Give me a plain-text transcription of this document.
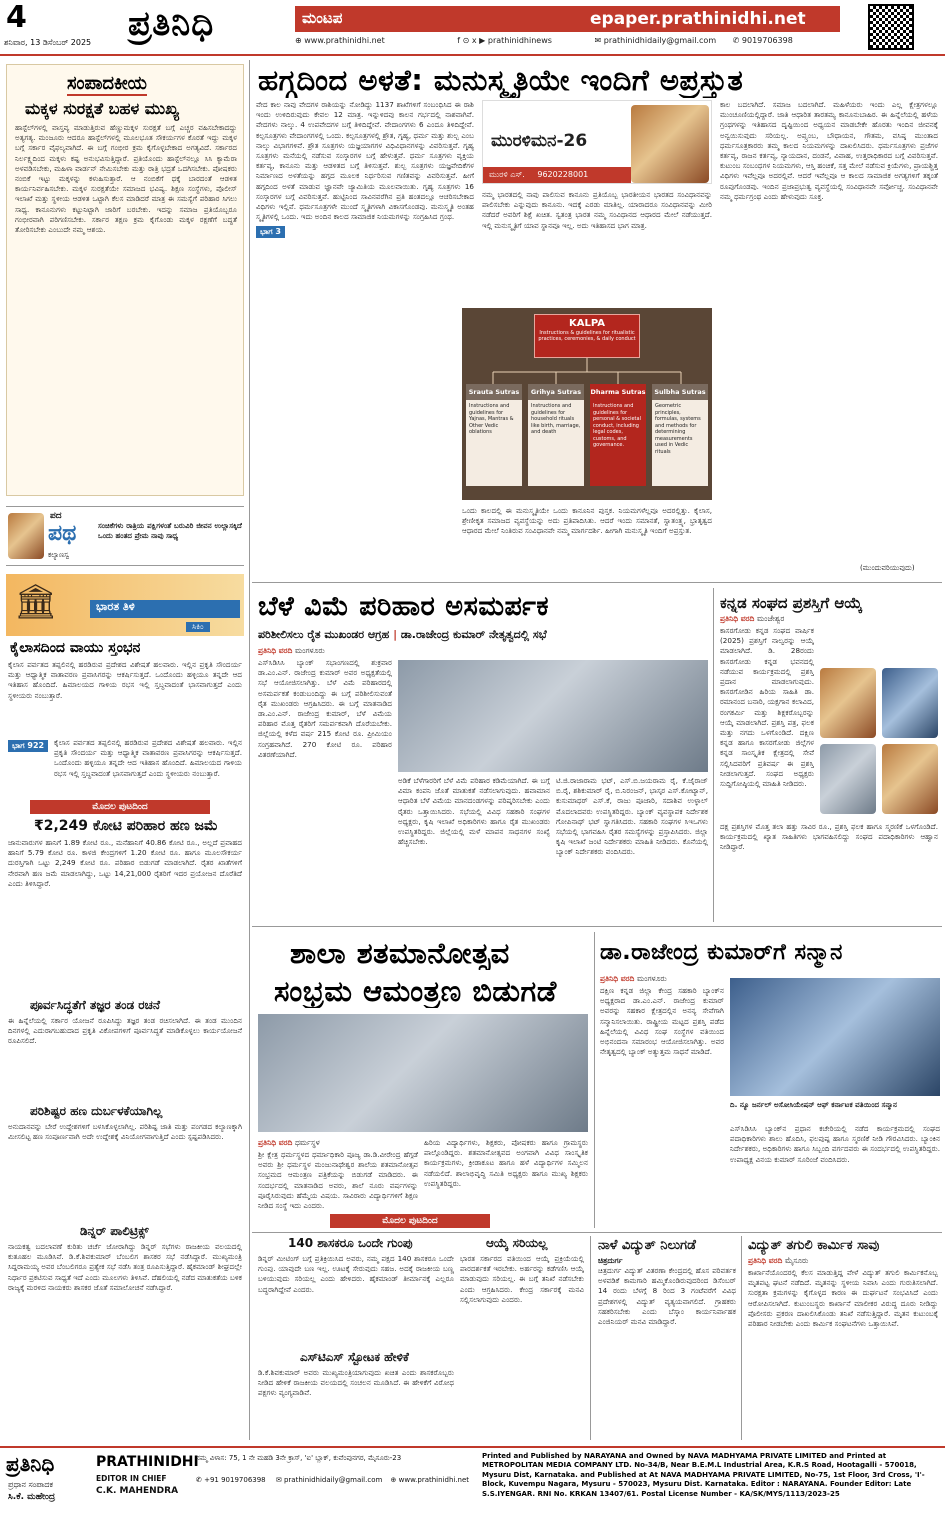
4
ಶನಿವಾರ, 13 ಡಿಸೆಂಬರ್ 2025 ಪ್ರತಿನಿಧಿ	ಮಂಟಪ	epaper.prathinidhi.net
⊕ www.prathinidhi.net	f ⊙ x ▶ prathinidhinews	✉ prathinidhidaily@gmail.com ✆ 9019706398
ಸಂಪಾದಕೀಯ
ಮಕ್ಕಳ ಸುರಕ್ಷತೆ ಬಹಳ ಮುಖ್ಯ
ಹಾಸ್ಟೆಲ್‌ಗಳಲ್ಲಿ ವಾಸ್ತವ್ಯ ಮಾಡುತ್ತಿರುವ ಹೆಣ್ಣುಮಕ್ಕಳ ಸುರಕ್ಷತೆ ಬಗ್ಗೆ ಎಚ್ಚರ ವಹಿಸಬೇಕಾದದ್ದು ಅತ್ಯಗತ್ಯ. ಮಂಜೂರು ಆದರೂ ಹಾಸ್ಟೆಲ್‌ಗಳಲ್ಲಿ ಮೂಲಭೂತ ಸೌಕರ್ಯಗಳ ಕೊರತೆ ಇದ್ದು ಮಕ್ಕಳ ಬಗ್ಗೆ ಸರ್ಕಾರ ವೈಫಲ್ಯವಾಗಿದೆ. ಈ ಬಗ್ಗೆ ಗಂಭೀರ ಕ್ರಮ ಕೈಗೊಳ್ಳಬೇಕಾದ ಅಗತ್ಯವಿದೆ. ಸರ್ಕಾರದ ನಿರ್ಲಕ್ಷ್ಯದಿಂದ ಮಕ್ಕಳು ಕಷ್ಟ ಅನುಭವಿಸುತ್ತಿದ್ದಾರೆ. ಪ್ರತಿಯೊಂದು ಹಾಸ್ಟೆಲ್‌ನಲ್ಲೂ ಸಿಸಿ ಕ್ಯಾಮೆರಾ ಅಳವಡಿಸಬೇಕು, ಮಹಿಳಾ ವಾರ್ಡನ್ ನೇಮಿಸಬೇಕು ಮತ್ತು ರಾತ್ರಿ ಭದ್ರತೆ ಒದಗಿಸಬೇಕು. ಪೋಷಕರು ನಂಬಿಕೆ ಇಟ್ಟು ಮಕ್ಕಳನ್ನು ಕಳುಹಿಸುತ್ತಾರೆ. ಆ ನಂಬಿಕೆಗೆ ಧಕ್ಕೆ ಬಾರದಂತೆ ಆಡಳಿತ ಕಾರ್ಯನಿರ್ವಹಿಸಬೇಕು. ಮಕ್ಕಳ ಸುರಕ್ಷತೆಯೇ ಸಮಾಜದ ಭವಿಷ್ಯ. ಶಿಕ್ಷಣ ಸಂಸ್ಥೆಗಳು, ಪೊಲೀಸ್ ಇಲಾಖೆ ಮತ್ತು ಸ್ಥಳೀಯ ಆಡಳಿತ ಒಟ್ಟಾಗಿ ಕೆಲಸ ಮಾಡಿದರೆ ಮಾತ್ರ ಈ ಸಮಸ್ಯೆಗೆ ಪರಿಹಾರ ಸಿಗಲು ಸಾಧ್ಯ. ಕಾನೂನುಗಳು ಕಟ್ಟುನಿಟ್ಟಾಗಿ ಜಾರಿಗೆ ಬರಬೇಕು. ಇದನ್ನು ಸಮಾಜ ಪ್ರತಿಯೊಬ್ಬರೂ ಗಂಭೀರವಾಗಿ ಪರಿಗಣಿಸಬೇಕು. ಸರ್ಕಾರ ತಕ್ಷಣ ಕ್ರಮ ಕೈಗೊಂಡು ಮಕ್ಕಳ ರಕ್ಷಣೆಗೆ ಬದ್ಧತೆ ತೋರಿಸಬೇಕು ಎಂಬುದೇ ನಮ್ಮ ಆಶಯ.
ಪದ
ಪಥ
ಕಲ್ಯಾಣಸ್ವ
ಸಂಚಿಕೆಗಳು ರಾತ್ರಿಯ ಪಕ್ಷಿಗಳಂತೆ ಬರುವಿರಿ ಜೀವನ ಉಲ್ಲಾಸಕ್ಕಿದೆ ಒಂದು ಹಂತದ ಪ್ರೇಮ ನಾವು ಸಾಧ್ಯ
🏛	ಭಾರತ ತಿಳಿ
ಸಿಕಿಂ
ಕೈಲಾಸದಿಂದ ವಾಯು ಸ್ತಂಭನ
ಕೈಲಾಸ ಪರ್ವತದ ತಪ್ಪಲಿನಲ್ಲಿ ಹರಡಿರುವ ಪ್ರದೇಶದ ವಿಶೇಷತೆ ಹಲವಾರು. ಇಲ್ಲಿನ ಪ್ರಕೃತಿ ಸೌಂದರ್ಯ ಮತ್ತು ಆಧ್ಯಾತ್ಮಿಕ ವಾತಾವರಣ ಪ್ರವಾಸಿಗರನ್ನು ಆಕರ್ಷಿಸುತ್ತದೆ. ಒಂದೊಂದು ಹಳ್ಳಿಯೂ ತನ್ನದೇ ಆದ ಇತಿಹಾಸ ಹೊಂದಿದೆ. ಹಿಮಾಲಯದ ಗಾಳಿಯ ರಭಸ ಇಲ್ಲಿ ಸ್ತಬ್ಧವಾದಂತೆ ಭಾಸವಾಗುತ್ತದೆ ಎಂದು ಸ್ಥಳೀಯರು ನಂಬುತ್ತಾರೆ.
ಭಾಗ 922	ಕೈಲಾಸ ಪರ್ವತದ ತಪ್ಪಲಿನಲ್ಲಿ ಹರಡಿರುವ ಪ್ರದೇಶದ ವಿಶೇಷತೆ ಹಲವಾರು. ಇಲ್ಲಿನ ಪ್ರಕೃತಿ ಸೌಂದರ್ಯ ಮತ್ತು ಆಧ್ಯಾತ್ಮಿಕ ವಾತಾವರಣ ಪ್ರವಾಸಿಗರನ್ನು ಆಕರ್ಷಿಸುತ್ತದೆ. ಒಂದೊಂದು ಹಳ್ಳಿಯೂ ತನ್ನದೇ ಆದ ಇತಿಹಾಸ ಹೊಂದಿದೆ. ಹಿಮಾಲಯದ ಗಾಳಿಯ ರಭಸ ಇಲ್ಲಿ ಸ್ತಬ್ಧವಾದಂತೆ ಭಾಸವಾಗುತ್ತದೆ ಎಂದು ಸ್ಥಳೀಯರು ನಂಬುತ್ತಾರೆ.
ಮೊದಲ ಪುಟದಿಂದ
₹2,249 ಕೋಟಿ ಪರಿಹಾರ ಹಣ ಜಮೆ
ಜಾನುವಾರುಗಳ ಹಾನಿಗೆ 1.89 ಕೋಟಿ ರೂ., ಮನೆಹಾನಿಗೆ 40.86 ಕೋಟಿ ರೂ., ಅಲ್ಲದೆ ಪ್ರವಾಹದ ಹಾನಿಗೆ 5.79 ಕೋಟಿ ರೂ. ಕಾಳಜಿ ಕೇಂದ್ರಗಳಿಗೆ 1.20 ಕೋಟಿ ರೂ. ಹಾಗೂ ಮೂಲಸೌಕರ್ಯ ದುರಸ್ತಿಗಾಗಿ ಒಟ್ಟು 2,249 ಕೋಟಿ ರೂ. ಪರಿಹಾರ ಬಿಡುಗಡೆ ಮಾಡಲಾಗಿದೆ. ರೈತರ ಖಾತೆಗಳಿಗೆ ನೇರವಾಗಿ ಹಣ ಜಮೆ ಮಾಡಲಾಗಿದ್ದು, ಒಟ್ಟು 14,21,000 ರೈತರಿಗೆ ಇದರ ಪ್ರಯೋಜನ ದೊರೆತಿದೆ ಎಂದು ತಿಳಿಸಿದ್ದಾರೆ.
ಪೂರ್ವಸಿದ್ಧತೆಗೆ ತಜ್ಞರ ತಂಡ ರಚನೆ
ಈ ಹಿನ್ನೆಲೆಯಲ್ಲಿ ಸರ್ಕಾರ ಯೋಜನೆ ರೂಪಿಸಿದ್ದು ತಜ್ಞರ ತಂಡ ರಚಿಸಲಾಗಿದೆ. ಈ ತಂಡ ಮುಂದಿನ ದಿನಗಳಲ್ಲಿ ಎದುರಾಗಬಹುದಾದ ಪ್ರಕೃತಿ ವಿಕೋಪಗಳಿಗೆ ಪೂರ್ವಸಿದ್ಧತೆ ಮಾಡಿಕೊಳ್ಳಲು ಕಾರ್ಯಯೋಜನೆ ರೂಪಿಸಲಿದೆ.
ಪರಿಶಿಷ್ಟರ ಹಣ ದುರ್ಬಳಕೆಯಾಗಿಲ್ಲ
ಅನುದಾನವನ್ನು ಬೇರೆ ಉದ್ದೇಶಗಳಿಗೆ ಬಳಸಿಕೊಳ್ಳಲಾಗಿಲ್ಲ. ಪರಿಶಿಷ್ಟ ಜಾತಿ ಮತ್ತು ಪಂಗಡದ ಕಲ್ಯಾಣಕ್ಕಾಗಿ ಮೀಸಲಿಟ್ಟ ಹಣ ಸಂಪೂರ್ಣವಾಗಿ ಅದೇ ಉದ್ದೇಶಕ್ಕೆ ವಿನಿಯೋಗವಾಗುತ್ತಿದೆ ಎಂದು ಸ್ಪಷ್ಟಪಡಿಸಿದರು.
ಡಿನ್ನರ್ ಪಾಲಿಟ್ರಿಕ್ಸ್
ನಾಯಕತ್ವ ಬದಲಾವಣೆ ಕುರಿತು ಚರ್ಚೆ ಜೋರಾಗಿದ್ದು ಡಿನ್ನರ್ ಸಭೆಗಳು ರಾಜಕೀಯ ವಲಯದಲ್ಲಿ ಕುತೂಹಲ ಮೂಡಿಸಿವೆ. ಡಿ.ಕೆ.ಶಿವಕುಮಾರ್ ಬೆಂಬಲಿಗ ಶಾಸಕರ ಸಭೆ ನಡೆಸಿದ್ದಾರೆ. ಮುಖ್ಯಮಂತ್ರಿ ಸಿದ್ದರಾಮಯ್ಯ ಅವರ ಬೆಂಬಲಿಗರೂ ಪ್ರತ್ಯೇಕ ಸಭೆ ನಡೆಸಿ ತಂತ್ರ ರೂಪಿಸುತ್ತಿದ್ದಾರೆ. ಹೈಕಮಾಂಡ್ ಶೀಘ್ರದಲ್ಲೇ ನಿರ್ಧಾರ ಪ್ರಕಟಿಸುವ ಸಾಧ್ಯತೆ ಇದೆ ಎಂದು ಮೂಲಗಳು ತಿಳಿಸಿವೆ. ದೆಹಲಿಯಲ್ಲಿ ನಡೆದ ಮಾತುಕತೆಯ ಬಳಿಕ ರಾಜ್ಯಕ್ಕೆ ಮರಳಿದ ನಾಯಕರು ಶಾಸಕರ ಜೊತೆ ಸಮಾಲೋಚನೆ ನಡೆಸಿದ್ದಾರೆ.
ಹಗ್ಗದಿಂದ ಅಳತೆ: ಮನುಸ್ಮೃತಿಯೇ ಇಂದಿಗೆ ಅಪ್ರಸ್ತುತ
ವೇದ ಕಾಲ ನಾವು ವೇದಗಳ ರಾಶಿಯನ್ನು ನೋಡಿದ್ದು 1137 ಶಾಖೆಗಳಿಗೆ ಸಂಬಂಧಿಸಿದ ಈ ರಾಶಿ ಇಂದು ಉಳಿದಿರುವುದು ಕೇವಲ 12 ಮಾತ್ರ. ಇನ್ನುಳಿದವು ಕಾಲನ ಗರ್ಭದಲ್ಲಿ ನಾಶವಾಗಿವೆ. ವೇದಗಳು ನಾಲ್ಕು. 4 ಉಪವೇದಗಳ ಬಗ್ಗೆ ತಿಳಿದಿದ್ದೇವೆ. ವೇದಾಂಗಗಳು 6 ಎಂದೂ ತಿಳಿದಿದ್ದೇವೆ. ಕಲ್ಪಸೂತ್ರಗಳು ವೇದಾಂಗಗಳಲ್ಲಿ ಒಂದು. ಕಲ್ಪಸೂತ್ರಗಳಲ್ಲಿ ಶ್ರೌತ, ಗೃಹ್ಯ, ಧರ್ಮ ಮತ್ತು ಶುಲ್ಬ ಎಂಬ ನಾಲ್ಕು ವಿಭಾಗಗಳಿವೆ. ಶ್ರೌತ ಸೂತ್ರಗಳು ಯಜ್ಞಯಾಗಗಳ ವಿಧಿವಿಧಾನಗಳನ್ನು ವಿವರಿಸುತ್ತವೆ. ಗೃಹ್ಯ ಸೂತ್ರಗಳು ಮನೆಯಲ್ಲಿ ನಡೆಸುವ ಸಂಸ್ಕಾರಗಳ ಬಗ್ಗೆ ಹೇಳುತ್ತವೆ. ಧರ್ಮ ಸೂತ್ರಗಳು ವ್ಯಕ್ತಿಯ ಕರ್ತವ್ಯ, ಕಾನೂನು ಮತ್ತು ಆಡಳಿತದ ಬಗ್ಗೆ ತಿಳಿಸುತ್ತವೆ. ಶುಲ್ಬ ಸೂತ್ರಗಳು ಯಜ್ಞವೇದಿಕೆಗಳ ನಿರ್ಮಾಣದ ಅಳತೆಯನ್ನು ಹಗ್ಗದ ಮೂಲಕ ನಿರ್ಧರಿಸುವ ಗಣಿತವನ್ನು ವಿವರಿಸುತ್ತವೆ. ಹೀಗೆ ಹಗ್ಗದಿಂದ ಅಳತೆ ಮಾಡುವ ಜ್ಞಾನವೇ ಜ್ಯಾಮಿತಿಯ ಮೂಲವಾಯಿತು. ಗೃಹ್ಯ ಸೂತ್ರಗಳು 16 ಸಂಸ್ಕಾರಗಳ ಬಗ್ಗೆ ವಿವರಿಸುತ್ತವೆ. ಹುಟ್ಟಿನಿಂದ ಸಾವಿನವರೆಗಿನ ಪ್ರತಿ ಹಂತದಲ್ಲೂ ಆಚರಿಸಬೇಕಾದ ವಿಧಿಗಳು ಇಲ್ಲಿವೆ. ಧರ್ಮಸೂತ್ರಗಳೇ ಮುಂದೆ ಸ್ಮೃತಿಗಳಾಗಿ ವಿಕಾಸಗೊಂಡವು. ಮನುಸ್ಮೃತಿ ಅಂತಹ ಸ್ಮೃತಿಗಳಲ್ಲಿ ಒಂದು. ಇದು ಅಂದಿನ ಕಾಲದ ಸಾಮಾಜಿಕ ನಿಯಮಗಳನ್ನು ಸಂಗ್ರಹಿಸಿದ ಗ್ರಂಥ.
ಮುರಳಿಮನ-26
ಮುರಳಿ ಎಸ್. 9620228001
ನಮ್ಮ ಭಾರತದಲ್ಲಿ ನಾವು ಪಾಲಿಸುವ ಕಾನೂನು ಪ್ರತಿಯೊಬ್ಬ ಭಾರತೀಯನ ಭಾರತದ ಸಂವಿಧಾನವನ್ನು ಪಾಲಿಸಬೇಕು ಎನ್ನುವುದು ಕಾನೂನು. ಇದಕ್ಕೆ ಎರಡು ಮಾತಿಲ್ಲ. ಯಾರಾದರೂ ಸಂವಿಧಾನವನ್ನು ಮೀರಿ ನಡೆದರೆ ಅವರಿಗೆ ಶಿಕ್ಷೆ ಖಚಿತ. ಸ್ವತಂತ್ರ ಭಾರತ ನಮ್ಮ ಸಂವಿಧಾನದ ಆಧಾರದ ಮೇಲೆ ನಡೆಯುತ್ತದೆ. ಇಲ್ಲಿ ಮನುಸ್ಮೃತಿಗೆ ಯಾವ ಸ್ಥಾನವೂ ಇಲ್ಲ. ಅದು ಇತಿಹಾಸದ ಭಾಗ ಮಾತ್ರ.
KALPA
Instructions & guidelines for ritualistic practices, ceremonies, & daily conduct
Srauta Sutras
Instructions and guidelines for Yajnas, Mantras & Other Vedic oblations
Grihya Sutras
Instructions and guidelines for household rituals like birth, marriage, and death
Dharma Sutras
Instructions and guidelines for personal & societal conduct, including legal codes, customs, and governance.
Sulbha Sutras
Geometric principles, formulas, systems and methods for determining measurements used in Vedic rituals
ಒಂದು ಕಾಲದಲ್ಲಿ ಈ ಮನುಸ್ಮೃತಿಯೇ ಒಂದು ಕಾನೂನಿನ ಪುಸ್ತಕ. ನಿಯಮಗಳೆಲ್ಲವೂ ಅದರಲ್ಲಿತ್ತು. ಕೈಲಾಸ, ಶ್ರೇಣೀಕೃತ ಸಮಾಜದ ವ್ಯವಸ್ಥೆಯನ್ನು ಅದು ಪ್ರತಿಪಾದಿಸಿತು. ಆದರೆ ಇಂದು ಸಮಾನತೆ, ಸ್ವಾತಂತ್ರ್ಯ, ಭ್ರಾತೃತ್ವದ ಆಧಾರದ ಮೇಲೆ ನಿಂತಿರುವ ಸಂವಿಧಾನವೇ ನಮ್ಮ ಮಾರ್ಗದರ್ಶಿ. ಹೀಗಾಗಿ ಮನುಸ್ಮೃತಿ ಇಂದಿಗೆ ಅಪ್ರಸ್ತುತ.
ಕಾಲ ಬದಲಾಗಿದೆ. ಸಮಾಜ ಬದಲಾಗಿದೆ. ಮಹಿಳೆಯರು ಇಂದು ಎಲ್ಲ ಕ್ಷೇತ್ರಗಳಲ್ಲೂ ಮುಂಚೂಣಿಯಲ್ಲಿದ್ದಾರೆ. ಜಾತಿ ಆಧಾರಿತ ತಾರತಮ್ಯ ಕಾನೂನುಬಾಹಿರ. ಈ ಹಿನ್ನೆಲೆಯಲ್ಲಿ ಹಳೆಯ ಗ್ರಂಥಗಳನ್ನು ಇತಿಹಾಸದ ದೃಷ್ಟಿಯಿಂದ ಅಧ್ಯಯನ ಮಾಡಬೇಕೇ ಹೊರತು ಇಂದಿನ ಜೀವನಕ್ಕೆ ಅನ್ವಯಿಸುವುದು ಸರಿಯಲ್ಲ. ಅಪ್ಸ್ತಂಬ, ಬೌಧಾಯನ, ಗೌತಮ, ವಸಿಷ್ಠ ಮುಂತಾದ ಧರ್ಮಸೂತ್ರಕಾರರು ತಮ್ಮ ಕಾಲದ ನಿಯಮಗಳನ್ನು ದಾಖಲಿಸಿದರು. ಧರ್ಮಸೂತ್ರಗಳು ಪ್ರಜೆಗಳ ಕರ್ತವ್ಯ, ರಾಜನ ಕರ್ತವ್ಯ, ನ್ಯಾಯದಾನ, ದಂಡನೆ, ವಿವಾಹ, ಉತ್ತರಾಧಿಕಾರದ ಬಗ್ಗೆ ವಿವರಿಸುತ್ತವೆ. ಕುಟುಂಬ ಸಂಬಂಧಗಳ ನಿಯಮಗಳು, ಆಸ್ತಿ ಹಂಚಿಕೆ, ಸತ್ತ ಮೇಲೆ ನಡೆಸುವ ಕ್ರಿಯೆಗಳು, ಪ್ರಾಯಶ್ಚಿತ್ತ ವಿಧಿಗಳು ಇವೆಲ್ಲವೂ ಅದರಲ್ಲಿವೆ. ಆದರೆ ಇವೆಲ್ಲವೂ ಆ ಕಾಲದ ಸಾಮಾಜಿಕ ಅಗತ್ಯಗಳಿಗೆ ತಕ್ಕಂತೆ ರೂಪುಗೊಂಡವು. ಇಂದಿನ ಪ್ರಜಾಪ್ರಭುತ್ವ ವ್ಯವಸ್ಥೆಯಲ್ಲಿ ಸಂವಿಧಾನವೇ ಸರ್ವೋಚ್ಚ. ಸಂವಿಧಾನವೇ ನಮ್ಮ ಧರ್ಮಗ್ರಂಥ ಎಂದು ಹೇಳುವುದು ಸೂಕ್ತ.
(ಮುಂದುವರಿಯುವುದು)
ಭಾಗ 3
ಬೆಳೆ ವಿಮೆ ಪರಿಹಾರ ಅಸಮರ್ಪಕ
ಪರಿಶೀಲಿಸಲು ರೈತ ಮುಖಂಡರ ಆಗ್ರಹ | ಡಾ.ರಾಜೇಂದ್ರ ಕುಮಾರ್ ನೇತೃತ್ವದಲ್ಲಿ ಸಭೆ
ಪ್ರತಿನಿಧಿ ವರದಿ ಮಂಗಳೂರು
ಎಸ್‌ಸಿಡಿಸಿಸಿ ಬ್ಯಾಂಕ್ ಸಭಾಂಗಣದಲ್ಲಿ ಶುಕ್ರವಾರ ಡಾ.ಎಂ.ಎನ್. ರಾಜೇಂದ್ರ ಕುಮಾರ್ ಅವರ ಅಧ್ಯಕ್ಷತೆಯಲ್ಲಿ ಸಭೆ ಆಯೋಜಿಸಲಾಗಿತ್ತು. ಬೆಳೆ ವಿಮೆ ಪರಿಹಾರದಲ್ಲಿ ಅಸಮರ್ಪಕತೆ ಕಂಡುಬಂದಿದ್ದು ಈ ಬಗ್ಗೆ ಪರಿಶೀಲಿಸುವಂತೆ ರೈತ ಮುಖಂಡರು ಆಗ್ರಹಿಸಿದರು. ಈ ಬಗ್ಗೆ ಮಾತನಾಡಿದ ಡಾ.ಎಂ.ಎನ್. ರಾಜೇಂದ್ರ ಕುಮಾರ್, ಬೆಳೆ ವಿಮೆಯ ಪರಿಹಾರ ಮೊತ್ತ ರೈತರಿಗೆ ಸಮರ್ಪಕವಾಗಿ ದೊರೆಯಬೇಕು. ಜಿಲ್ಲೆಯಲ್ಲಿ ಕಳೆದ ವರ್ಷ 215 ಕೋಟಿ ರೂ. ಪ್ರೀಮಿಯಂ ಸಂಗ್ರಹವಾಗಿದೆ. 270 ಕೋಟಿ ರೂ. ಪರಿಹಾರ ವಿತರಣೆಯಾಗಿದೆ.
ಅಡಿಕೆ ಬೆಳೆಗಾರರಿಗೆ ಬೆಳೆ ವಿಮೆ ಪರಿಹಾರ ಕಡಿಮೆಯಾಗಿದೆ. ಈ ಬಗ್ಗೆ ವಿಮಾ ಕಂಪನಿ ಜೊತೆ ಮಾತುಕತೆ ನಡೆಸಲಾಗುವುದು. ಹವಾಮಾನ ಆಧಾರಿತ ಬೆಳೆ ವಿಮೆಯ ಮಾನದಂಡಗಳನ್ನು ಪರಿಷ್ಕರಿಸಬೇಕು ಎಂದು ರೈತರು ಒತ್ತಾಯಿಸಿದರು. ಸಭೆಯಲ್ಲಿ ವಿವಿಧ ಸಹಕಾರಿ ಸಂಘಗಳ ಅಧ್ಯಕ್ಷರು, ಕೃಷಿ ಇಲಾಖೆ ಅಧಿಕಾರಿಗಳು ಹಾಗೂ ರೈತ ಮುಖಂಡರು ಉಪಸ್ಥಿತರಿದ್ದರು. ಜಿಲ್ಲೆಯಲ್ಲಿ ಮಳೆ ಮಾಪನ ಸಾಧನಗಳ ಸಂಖ್ಯೆ ಹೆಚ್ಚಿಸಬೇಕು.
ಟಿ.ಜಿ.ರಾಜಾರಾಮ ಭಟ್, ಎಸ್.ಬಿ.ಜಯರಾಮ ರೈ, ಕೆ.ಜೈರಾಜ್ ಬಿ.ರೈ, ಶಶಿಕುಮಾರ್ ರೈ, ಬಿ.ನಿರಂಜನ್, ಭಾಸ್ಕರ ಎಸ್.ಕೋಟ್ಯಾನ್, ಕುಸುಮಾಧರ್ ಎಸ್.ಕೆ, ರಾಜು ಪೂಜಾರಿ, ಸದಾಶಿವ ಉಳ್ಳಾಲ್ ಮೊದಲಾದವರು ಉಪಸ್ಥಿತರಿದ್ದರು. ಬ್ಯಾಂಕ್ ವ್ಯವಸ್ಥಾಪಕ ನಿರ್ದೇಶಕ ಗೋಪಿನಾಥ್ ಭಟ್ ಸ್ವಾಗತಿಸಿದರು. ಸಹಕಾರಿ ಸಂಘಗಳ ಸಿಇಒಗಳು ಸಭೆಯಲ್ಲಿ ಭಾಗವಹಿಸಿ ರೈತರ ಸಮಸ್ಯೆಗಳನ್ನು ಪ್ರಸ್ತಾಪಿಸಿದರು. ಜಿಲ್ಲಾ ಕೃಷಿ ಇಲಾಖೆ ಜಂಟಿ ನಿರ್ದೇಶಕರು ಮಾಹಿತಿ ನೀಡಿದರು. ಕೊನೆಯಲ್ಲಿ ಬ್ಯಾಂಕ್ ನಿರ್ದೇಶಕರು ವಂದಿಸಿದರು.
ಕನ್ನಡ ಸಂಘದ ಪ್ರಶಸ್ತಿಗೆ ಆಯ್ಕೆ
ಪ್ರತಿನಿಧಿ ವರದಿ ಮಂಜೇಶ್ವರ
ಕಾಸರಗೋಡು ಕನ್ನಡ ಸಂಘದ ವಾರ್ಷಿಕ (2025) ಪ್ರಶಸ್ತಿಗೆ ನಾಲ್ವರನ್ನು ಆಯ್ಕೆ ಮಾಡಲಾಗಿದೆ. ಡಿ. 28ರಂದು ಕಾಸರಗೋಡು ಕನ್ನಡ ಭವನದಲ್ಲಿ ನಡೆಯುವ ಕಾರ್ಯಕ್ರಮದಲ್ಲಿ ಪ್ರಶಸ್ತಿ ಪ್ರದಾನ ಮಾಡಲಾಗುವುದು. ಕಾಸರಗೋಡಿನ ಹಿರಿಯ ಸಾಹಿತಿ ಡಾ. ರಮಾನಂದ ಬನಾರಿ, ಯಕ್ಷಗಾನ ಕಲಾವಿದ, ರಂಗಕರ್ಮಿ ಮತ್ತು ಶಿಕ್ಷಕರೊಬ್ಬರನ್ನು ಆಯ್ಕೆ ಮಾಡಲಾಗಿದೆ. ಪ್ರಶಸ್ತಿ ಪತ್ರ, ಫಲಕ ಮತ್ತು ನಗದು ಒಳಗೊಂಡಿದೆ. ದಕ್ಷಿಣ ಕನ್ನಡ ಹಾಗೂ ಕಾಸರಗೋಡು ಜಿಲ್ಲೆಗಳ ಕನ್ನಡ ಸಾಂಸ್ಕೃತಿಕ ಕ್ಷೇತ್ರದಲ್ಲಿ ಸೇವೆ ಸಲ್ಲಿಸಿದವರಿಗೆ ಪ್ರತಿವರ್ಷ ಈ ಪ್ರಶಸ್ತಿ ನೀಡಲಾಗುತ್ತದೆ. ಸಂಘದ ಅಧ್ಯಕ್ಷರು ಸುದ್ದಿಗೋಷ್ಠಿಯಲ್ಲಿ ಮಾಹಿತಿ ನೀಡಿದರು.
ದಕ್ಷ ಪ್ರಶಸ್ತಿಗಳ ಮೊತ್ತ ತಲಾ ಹತ್ತು ಸಾವಿರ ರೂ., ಪ್ರಶಸ್ತಿ ಫಲಕ ಹಾಗೂ ಸ್ಮರಣಿಕೆ ಒಳಗೊಂಡಿದೆ. ಕಾರ್ಯಕ್ರಮದಲ್ಲಿ ಖ್ಯಾತ ಸಾಹಿತಿಗಳು ಭಾಗವಹಿಸಲಿದ್ದು ಸಂಘದ ಪದಾಧಿಕಾರಿಗಳು ಆಹ್ವಾನ ನೀಡಿದ್ದಾರೆ.
ಶಾಲಾ ಶತಮಾನೋತ್ಸವ
ಸಂಭ್ರಮ ಆಮಂತ್ರಣ ಬಿಡುಗಡೆ
ಪ್ರತಿನಿಧಿ ವರದಿ ಧರ್ಮಸ್ಥಳ
ಶ್ರೀ ಕ್ಷೇತ್ರ ಧರ್ಮಸ್ಥಳದ ಧರ್ಮಾಧಿಕಾರಿ ಪೂಜ್ಯ ಡಾ.ಡಿ.ವೀರೇಂದ್ರ ಹೆಗ್ಗಡೆ ಅವರು ಶ್ರೀ ಧರ್ಮಸ್ಥಳ ಮಂಜುನಾಥೇಶ್ವರ ಶಾಲೆಯ ಶತಮಾನೋತ್ಸವ ಸಂಭ್ರಮದ ಆಮಂತ್ರಣ ಪತ್ರಿಕೆಯನ್ನು ಬಿಡುಗಡೆ ಮಾಡಿದರು. ಈ ಸಂದರ್ಭದಲ್ಲಿ ಮಾತನಾಡಿದ ಅವರು, ಶಾಲೆ ನೂರು ವರ್ಷಗಳನ್ನು ಪೂರೈಸಿರುವುದು ಹೆಮ್ಮೆಯ ವಿಷಯ. ಸಾವಿರಾರು ವಿದ್ಯಾರ್ಥಿಗಳಿಗೆ ಶಿಕ್ಷಣ ನೀಡಿದ ಸಂಸ್ಥೆ ಇದು ಎಂದರು.
ಹಿರಿಯ ವಿದ್ಯಾರ್ಥಿಗಳು, ಶಿಕ್ಷಕರು, ಪೋಷಕರು ಹಾಗೂ ಗ್ರಾಮಸ್ಥರು ಪಾಲ್ಗೊಂಡಿದ್ದರು. ಶತಮಾನೋತ್ಸವದ ಅಂಗವಾಗಿ ವಿವಿಧ ಸಾಂಸ್ಕೃತಿಕ ಕಾರ್ಯಕ್ರಮಗಳು, ಕ್ರೀಡಾಕೂಟ ಹಾಗೂ ಹಳೆ ವಿದ್ಯಾರ್ಥಿಗಳ ಸಮ್ಮಿಲನ ನಡೆಯಲಿದೆ. ಶಾಲಾಭಿವೃದ್ಧಿ ಸಮಿತಿ ಅಧ್ಯಕ್ಷರು ಹಾಗೂ ಮುಖ್ಯ ಶಿಕ್ಷಕರು ಉಪಸ್ಥಿತರಿದ್ದರು.
ಡಾ.ರಾಜೇಂದ್ರ ಕುಮಾರ್‌ಗೆ ಸನ್ಮಾನ
ಪ್ರತಿನಿಧಿ ವರದಿ ಮಂಗಳೂರು
ದಕ್ಷಿಣ ಕನ್ನಡ ಜಿಲ್ಲಾ ಕೇಂದ್ರ ಸಹಕಾರಿ ಬ್ಯಾಂಕ್‌ನ ಅಧ್ಯಕ್ಷರಾದ ಡಾ.ಎಂ.ಎನ್. ರಾಜೇಂದ್ರ ಕುಮಾರ್ ಅವರನ್ನು ಸಹಕಾರ ಕ್ಷೇತ್ರದಲ್ಲಿನ ಅನನ್ಯ ಸೇವೆಗಾಗಿ ಸನ್ಮಾನಿಸಲಾಯಿತು. ರಾಷ್ಟ್ರೀಯ ಮಟ್ಟದ ಪ್ರಶಸ್ತಿ ಪಡೆದ ಹಿನ್ನೆಲೆಯಲ್ಲಿ ವಿವಿಧ ಸಂಘ ಸಂಸ್ಥೆಗಳ ವತಿಯಿಂದ ಅಭಿನಂದನಾ ಸಮಾರಂಭ ಆಯೋಜಿಸಲಾಗಿತ್ತು. ಅವರ ನೇತೃತ್ವದಲ್ಲಿ ಬ್ಯಾಂಕ್ ಅತ್ಯುತ್ತಮ ಸಾಧನೆ ಮಾಡಿದೆ.
ದಿ. ನ್ಯೂ ಜರ್ನಲ್ ಅಸೋಸಿಯೇಷನ್ ಆಫ್ ಕರ್ನಾಟಕ ವತಿಯಿಂದ ಸನ್ಮಾನ
ಎಸ್‌ಸಿಡಿಸಿಸಿ ಬ್ಯಾಂಕ್‌ನ ಪ್ರಧಾನ ಕಚೇರಿಯಲ್ಲಿ ನಡೆದ ಕಾರ್ಯಕ್ರಮದಲ್ಲಿ ಸಂಘದ ಪದಾಧಿಕಾರಿಗಳು ಶಾಲು ಹೊದಿಸಿ, ಫಲಪುಷ್ಪ ಹಾಗೂ ಸ್ಮರಣಿಕೆ ನೀಡಿ ಗೌರವಿಸಿದರು. ಬ್ಯಾಂಕಿನ ನಿರ್ದೇಶಕರು, ಅಧಿಕಾರಿಗಳು ಹಾಗೂ ಸಿಬ್ಬಂದಿ ವರ್ಗದವರು ಈ ಸಂದರ್ಭದಲ್ಲಿ ಉಪಸ್ಥಿತರಿದ್ದರು. ಉಪಾಧ್ಯಕ್ಷ ವಿನಯ ಕುಮಾರ್ ಸೂರಿಂಜೆ ವಂದಿಸಿದರು.
ಮೊದಲ ಪುಟದಿಂದ
140 ಶಾಸಕರೂ ಒಂದೇ ಗುಂಪು
ಡಿನ್ನರ್ ಮೀಟಿಂಗ್ ಬಗ್ಗೆ ಪ್ರತಿಕ್ರಿಯಿಸಿದ ಅವರು, ನಮ್ಮ ಪಕ್ಷದ 140 ಶಾಸಕರೂ ಒಂದೇ ಗುಂಪು. ಯಾವುದೇ ಬಣ ಇಲ್ಲ. ಊಟಕ್ಕೆ ಸೇರುವುದು ಸಹಜ. ಅದಕ್ಕೆ ರಾಜಕೀಯ ಬಣ್ಣ ಬಳಿಯುವುದು ಸರಿಯಲ್ಲ ಎಂದು ಹೇಳಿದರು. ಹೈಕಮಾಂಡ್ ತೀರ್ಮಾನಕ್ಕೆ ಎಲ್ಲರೂ ಬದ್ಧರಾಗಿದ್ದೇವೆ ಎಂದರು.
ಎಸ್‌ಟಿಎಸ್ ಸ್ಟೋಟಕ ಹೇಳಿಕೆ
ಡಿ.ಕೆ.ಶಿವಕುಮಾರ್ ಅವರು ಮುಖ್ಯಮಂತ್ರಿಯಾಗುವುದು ಖಚಿತ ಎಂದು ಶಾಸಕರೊಬ್ಬರು ನೀಡಿದ ಹೇಳಿಕೆ ರಾಜಕೀಯ ವಲಯದಲ್ಲಿ ಸಂಚಲನ ಮೂಡಿಸಿದೆ. ಈ ಹೇಳಿಕೆಗೆ ವಿರೋಧ ಪಕ್ಷಗಳು ವ್ಯಂಗ್ಯವಾಡಿವೆ.
ಆಯ್ಕೆ ಸರಿಯಲ್ಲ
ಭಾರತ ಸರ್ಕಾರದ ವತಿಯಿಂದ ಆಯ್ಕೆ ಪ್ರಕ್ರಿಯೆಯಲ್ಲಿ ಪಾರದರ್ಶಕತೆ ಇರಬೇಕು. ಅರ್ಹರನ್ನು ಕಡೆಗಣಿಸಿ ಆಯ್ಕೆ ಮಾಡುವುದು ಸರಿಯಲ್ಲ. ಈ ಬಗ್ಗೆ ತನಿಖೆ ನಡೆಸಬೇಕು ಎಂದು ಆಗ್ರಹಿಸಿದರು. ಕೇಂದ್ರ ಸರ್ಕಾರಕ್ಕೆ ಮನವಿ ಸಲ್ಲಿಸಲಾಗುವುದು ಎಂದರು.
ನಾಳೆ ವಿದ್ಯುತ್ ನಿಲುಗಡೆ
ಚಿತ್ರದುರ್ಗ
ಚಿತ್ರದುರ್ಗ ವಿದ್ಯುತ್ ವಿತರಣಾ ಕೇಂದ್ರದಲ್ಲಿ ಹೊಸ ಪರಿವರ್ತಕ ಅಳವಡಿಕೆ ಕಾಮಗಾರಿ ಹಮ್ಮಿಕೊಂಡಿರುವುದರಿಂದ ಡಿಸೆಂಬರ್ 14 ರಂದು ಬೆಳಗ್ಗೆ 8 ರಿಂದ 3 ಗಂಟೆವರೆಗೆ ವಿವಿಧ ಪ್ರದೇಶಗಳಲ್ಲಿ ವಿದ್ಯುತ್ ವ್ಯತ್ಯಯವಾಗಲಿದೆ. ಗ್ರಾಹಕರು ಸಹಕರಿಸಬೇಕು ಎಂದು ಬೆಸ್ಕಾಂ ಕಾರ್ಯನಿರ್ವಾಹಕ ಎಂಜಿನಿಯರ್ ಮನವಿ ಮಾಡಿದ್ದಾರೆ.
ವಿದ್ಯುತ್ ತಗುಲಿ ಕಾರ್ಮಿಕ ಸಾವು
ಪ್ರತಿನಿಧಿ ವರದಿ ಮೈಸೂರು
ಕಾರ್ಖಾನೆಯೊಂದರಲ್ಲಿ ಕೆಲಸ ಮಾಡುತ್ತಿದ್ದ ವೇಳೆ ವಿದ್ಯುತ್ ತಗುಲಿ ಕಾರ್ಮಿಕನೊಬ್ಬ ಮೃತಪಟ್ಟ ಘಟನೆ ನಡೆದಿದೆ. ಮೃತನನ್ನು ಸ್ಥಳೀಯ ನಿವಾಸಿ ಎಂದು ಗುರುತಿಸಲಾಗಿದೆ. ಸುರಕ್ಷತಾ ಕ್ರಮಗಳನ್ನು ಕೈಗೊಳ್ಳದ ಕಾರಣ ಈ ದುರ್ಘಟನೆ ಸಂಭವಿಸಿದೆ ಎಂದು ಆರೋಪಿಸಲಾಗಿದೆ. ಕುಟುಂಬಸ್ಥರು ಕಾರ್ಖಾನೆ ಮಾಲೀಕರ ವಿರುದ್ಧ ದೂರು ನೀಡಿದ್ದು ಪೊಲೀಸರು ಪ್ರಕರಣ ದಾಖಲಿಸಿಕೊಂಡು ತನಿಖೆ ನಡೆಸುತ್ತಿದ್ದಾರೆ. ಮೃತನ ಕುಟುಂಬಕ್ಕೆ ಪರಿಹಾರ ನೀಡಬೇಕು ಎಂದು ಕಾರ್ಮಿಕ ಸಂಘಟನೆಗಳು ಒತ್ತಾಯಿಸಿವೆ.
ಪ್ರತಿನಿಧಿ
ಪ್ರಧಾನ ಸಂಪಾದಕ
ಸಿ.ಕೆ. ಮಹೇಂದ್ರ
PRATHINIDHI
EDITOR IN CHIEF
C.K. MAHENDRA
ನಮ್ಮ ವಿಳಾಸ: 75, 1 ನೇ ಮಹಡಿ 3ನೇ ಕ್ರಾಸ್, 'ಐ' ಬ್ಲಾಕ್, ಕುವೆಂಪುನಗರ, ಮೈಸೂರು-23
✆ +91 9019706398 ✉ prathinidhidaily@gmail.com ⊕ www.prathinidhi.net
Printed and Published by NARAYANA and Owned by NAVA MADHYAMA PRIVATE LIMITED and Printed at METROPOLITAN MEDIA COMPANY LTD. No-34/B, Near B.E.M.L Industrial Area, K.R.S Road, Hootagalli - 570018, Mysuru Dist, Karnataka. and Published at At NAVA MADHYAMA PRIVATE LIMITED, No-75, 1st Floor, 3rd Cross, 'I'- Block, Kuvempu Nagara, Mysuru - 570023, Mysuru Dist. Karnataka. Editor : NARAYANA. Founder Editor: Late S.S.IYENGAR. RNI No. KRKAN 13407/61. Postal License Number - KA/SK/MYS/1113/2023-25
